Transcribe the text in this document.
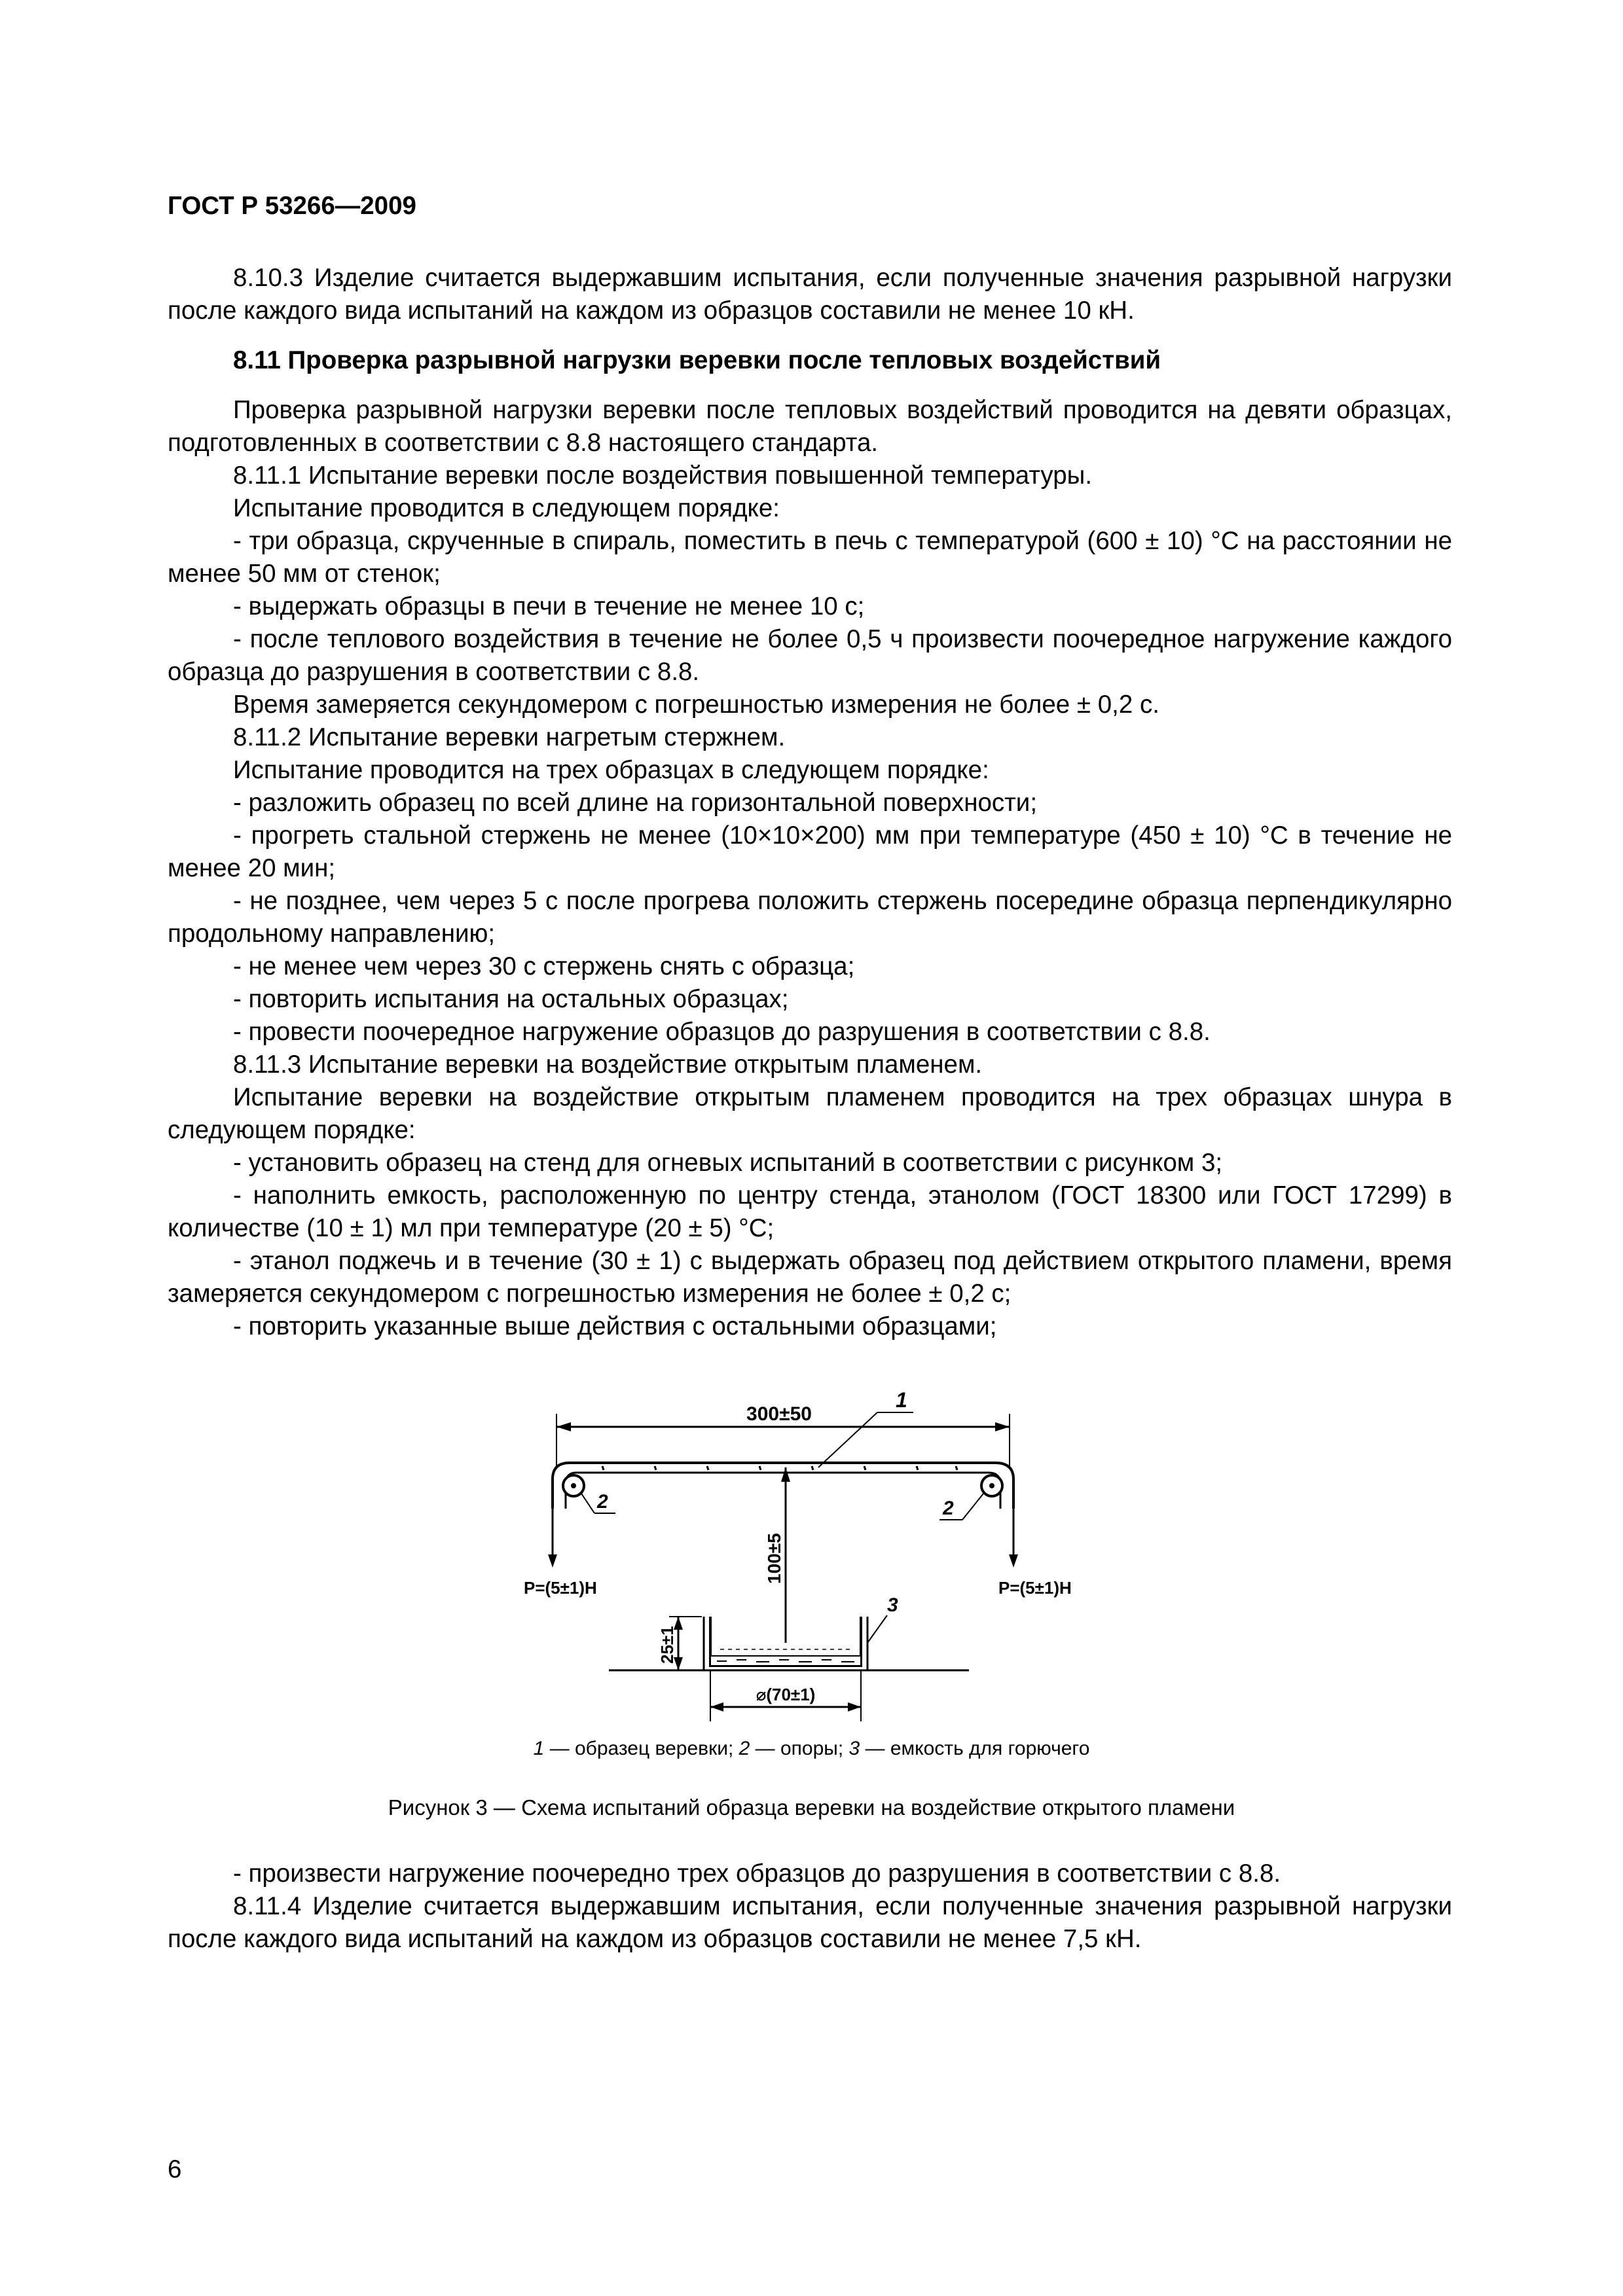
ГОСТ Р 53266—2009

8.10.3 Изделие считается выдержавшим испытания, если полученные значения разрывной нагрузки после каждого вида испытаний на каждом из образцов составили не менее 10 кН.

8.11 Проверка разрывной нагрузки веревки после тепловых воздействий

Проверка разрывной нагрузки веревки после тепловых воздействий проводится на девяти образцах, подготовленных в соответствии с 8.8 настоящего стандарта.

8.11.1 Испытание веревки после воздействия повышенной температуры.

Испытание проводится в следующем порядке:

- три образца, скрученные в спираль, поместить в печь с температурой (600 ± 10) °С на расстоянии не менее 50 мм от стенок;

- выдержать образцы в печи в течение не менее 10 с;

- после теплового воздействия в течение не более 0,5 ч произвести поочередное нагружение каждого образца до разрушения в соответствии с 8.8.

Время замеряется секундомером с погрешностью измерения не более ± 0,2 с.

8.11.2 Испытание веревки нагретым стержнем.

Испытание проводится на трех образцах в следующем порядке:

- разложить образец по всей длине на горизонтальной поверхности;

- прогреть стальной стержень не менее (10×10×200) мм при температуре (450 ± 10) °С в течение не менее 20 мин;

- не позднее, чем через 5 с после прогрева положить стержень посередине образца перпендикулярно продольному направлению;

- не менее чем через 30 с стержень снять с образца;

- повторить испытания на остальных образцах;

- провести поочередное нагружение образцов до разрушения в соответствии с 8.8.

8.11.3 Испытание веревки на воздействие открытым пламенем.

Испытание веревки на воздействие открытым пламенем проводится на трех образцах шнура в следующем порядке:

- установить образец на стенд для огневых испытаний в соответствии с рисунком 3;

- наполнить емкость, расположенную по центру стенда, этанолом (ГОСТ 18300 или ГОСТ 17299) в количестве (10 ± 1) мл при температуре (20 ± 5) °С;

- этанол поджечь и в течение (30 ± 1) с выдержать образец под действием открытого пламени, время замеряется секундомером с погрешностью измерения не более ± 0,2 с;

- повторить указанные выше действия с остальными образцами;

300±50
P=(5±1)H	P=(5±1)H
1
2	2
100±5
25±1
⌀(70±1)
3
1 — образец веревки; 2 — опоры; 3 — емкость для горючего
Рисунок 3 — Схема испытаний образца веревки на воздействие открытого пламени

- произвести нагружение поочередно трех образцов до разрушения в соответствии с 8.8.

8.11.4 Изделие считается выдержавшим испытания, если полученные значения разрывной нагрузки после каждого вида испытаний на каждом из образцов составили не менее 7,5 кН.

6
